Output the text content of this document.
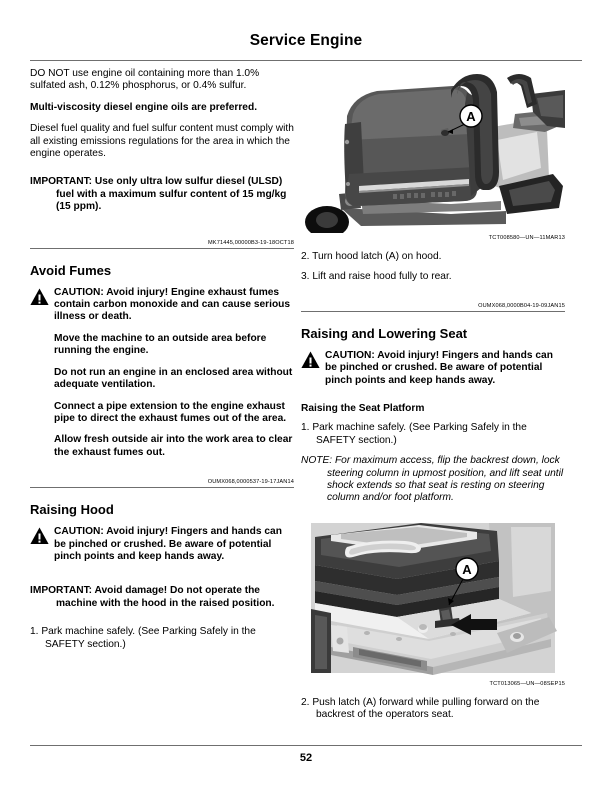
Service Engine

DO NOT use engine oil containing more than 1.0% sulfated ash, 0.12% phosphorus, or 0.4% sulfur.

Multi-viscosity diesel engine oils are preferred.

Diesel fuel quality and fuel sulfur content must comply with all existing emissions regulations for the area in which the engine operates.

IMPORTANT: Use only ultra low sulfur diesel (ULSD) fuel with a maximum sulfur content of 15 mg/kg (15 ppm).

MK71445,00000B3-19-18OCT18

Avoid Fumes
CAUTION: Avoid injury! Engine exhaust fumes contain carbon monoxide and can cause serious illness or death.

Move the machine to an outside area before running the engine.

Do not run an engine in an enclosed area without adequate ventilation.

Connect a pipe extension to the engine exhaust pipe to direct the exhaust fumes out of the area.

Allow fresh outside air into the work area to clear the exhaust fumes out.

OUMX068,0000537-19-17JAN14

Raising Hood
CAUTION: Avoid injury! Fingers and hands can be pinched or crushed. Be aware of potential pinch points and keep hands away.

IMPORTANT: Avoid damage! Do not operate the machine with the hood in the raised position.

1. Park machine safely. (See Parking Safely in the SAFETY section.)

A
TCT008580—UN—11MAR13

2. Turn hood latch (A) on hood.

3. Lift and raise hood fully to rear.

OUMX068,0000B04-19-09JAN15

Raising and Lowering Seat
CAUTION: Avoid injury! Fingers and hands can be pinched or crushed. Be aware of potential pinch points and keep hands away.
Raising the Seat Platform

1. Park machine safely. (See Parking Safely in the SAFETY section.)

NOTE: For maximum access, flip the backrest down, lock steering column in upmost position, and lift seat until shock extends so that seat is resting on steering column and/or foot platform.

A
TCT013065—UN—08SEP15

2. Push latch (A) forward while pulling forward on the backrest of the operators seat.

52
